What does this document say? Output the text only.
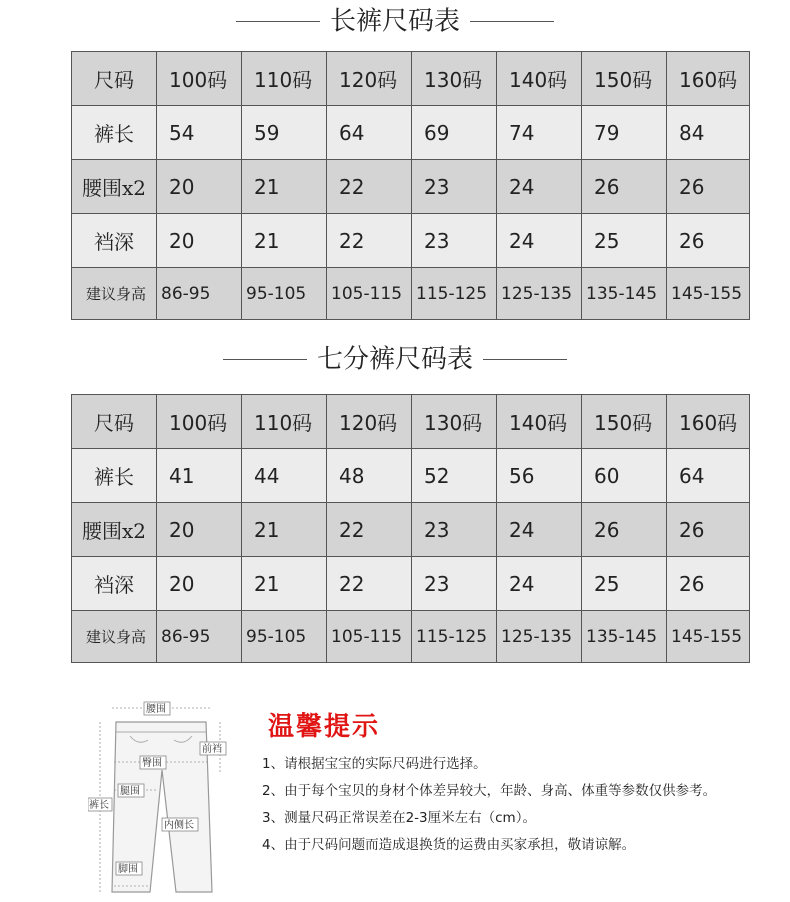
长裤尺码表
尺码	100码	110码	120码	130码	140码	150码	160码
裤长	54	59	64	69	74	79	84
腰围x2	20	21	22	23	24	26	26
裆深	20	21	22	23	24	25	26
建议身高	86-95	95-105	105-115	115-125	125-135	135-145	145-155
七分裤尺码表
尺码	100码	110码	120码	130码	140码	150码	160码
裤长	41	44	48	52	56	60	64
腰围x2	20	21	22	23	24	26	26
裆深	20	21	22	23	24	25	26
建议身高	86-95	95-105	105-115	115-125	125-135	135-145	145-155
腰围
前裆
臀围
裤长
腿围
内侧长
脚围
温馨提示
1、请根据宝宝的实际尺码进行选择。
2、由于每个宝贝的身材个体差异较大，年龄、身高、体重等参数仅供参考。
3、测量尺码正常误差在2-3厘米左右（cm）。
4、由于尺码问题而造成退换货的运费由买家承担，敬请谅解。
